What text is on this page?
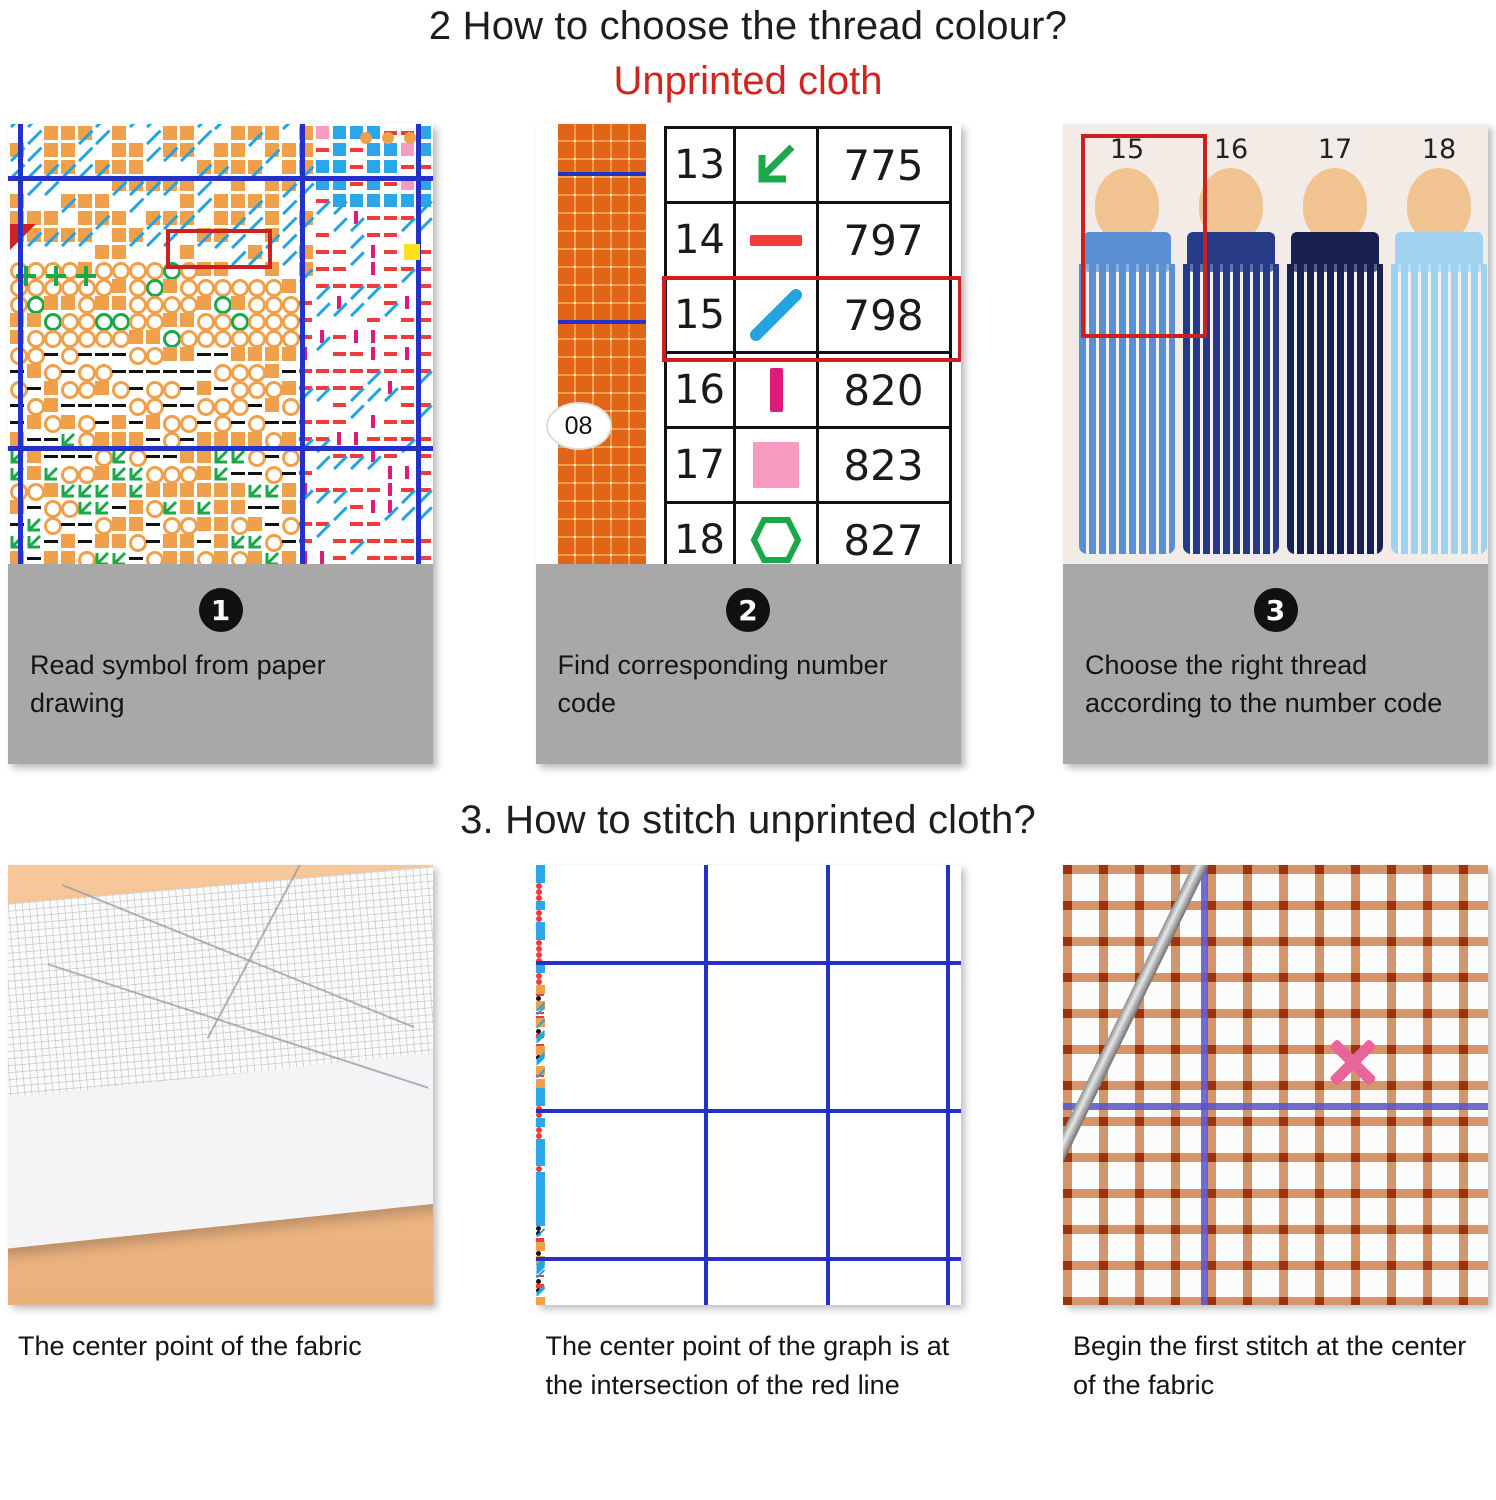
2 How to choose the thread colour?
Unprinted cloth
1
Read symbol from paper drawing
08
13		775
14		797
15		798
16		820
17		823
18		827
2
Find corresponding number code
15	16	17	18
3
Choose the right thread according to the number code
3. How to stitch unprinted cloth?
The center point of the fabric	The center point of the graph is at the intersection of the red line
Begin the first stitch at the center of the fabric
